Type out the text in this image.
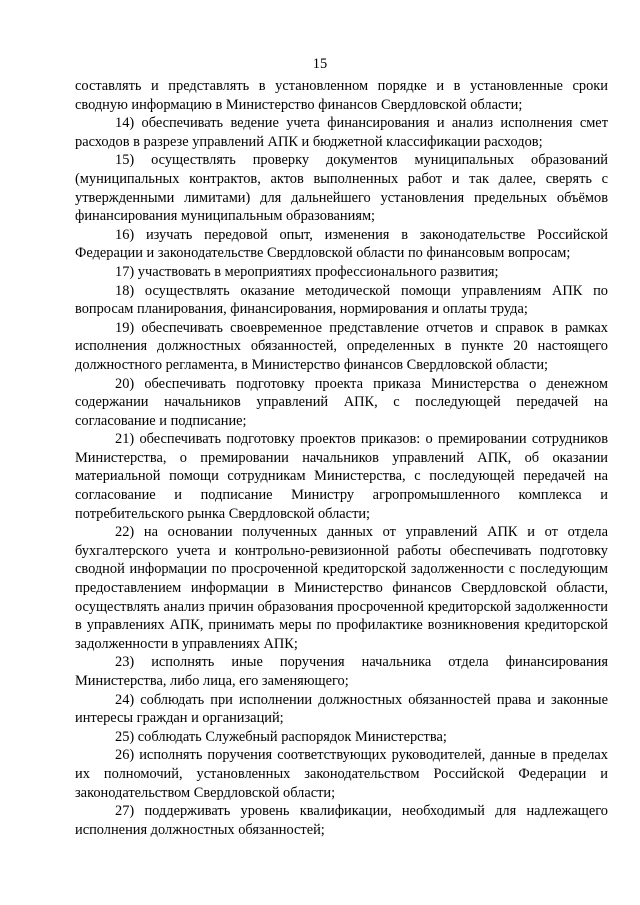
15

составлять и представлять в установленном порядке и в установленные сроки сводную информацию в Министерство финансов Свердловской области;

14) обеспечивать ведение учета финансирования и анализ исполнения смет расходов в разрезе управлений АПК и бюджетной классификации расходов;

15) осуществлять проверку документов муниципальных образований (муниципальных контрактов, актов выполненных работ и так далее, сверять с утвержденными лимитами) для дальнейшего установления предельных объёмов финансирования муниципальным образованиям;

16) изучать передовой опыт, изменения в законодательстве Российской Федерации и законодательстве Свердловской области по финансовым вопросам;

17) участвовать в мероприятиях профессионального развития;

18) осуществлять оказание методической помощи управлениям АПК по вопросам планирования, финансирования, нормирования и оплаты труда;

19) обеспечивать своевременное представление отчетов и справок в рамках исполнения должностных обязанностей, определенных в пункте 20 настоящего должностного регламента, в Министерство финансов Свердловской области;

20) обеспечивать подготовку проекта приказа Министерства о денежном содержании начальников управлений АПК, с последующей передачей на согласование и подписание;

21) обеспечивать подготовку проектов приказов: о премировании сотрудников Министерства, о премировании начальников управлений АПК, об оказании материальной помощи сотрудникам Министерства, с последующей передачей на согласование и подписание Министру агропромышленного комплекса и потребительского рынка Свердловской области;

22) на основании полученных данных от управлений АПК и от отдела бухгалтерского учета и контрольно-ревизионной работы обеспечивать подготовку сводной информации по просроченной кредиторской задолженности с последующим предоставлением информации в Министерство финансов Свердловской области, осуществлять анализ причин образования просроченной кредиторской задолженности в управлениях АПК, принимать меры по профилактике возникновения кредиторской задолженности в управлениях АПК;

23) исполнять иные поручения начальника отдела финансирования Министерства, либо лица, его заменяющего;

24) соблюдать при исполнении должностных обязанностей права и законные интересы граждан и организаций;

25) соблюдать Служебный распорядок Министерства;

26) исполнять поручения соответствующих руководителей, данные в пределах их полномочий, установленных законодательством Российской Федерации и законодательством Свердловской области;

27) поддерживать уровень квалификации, необходимый для надлежащего исполнения должностных обязанностей;
